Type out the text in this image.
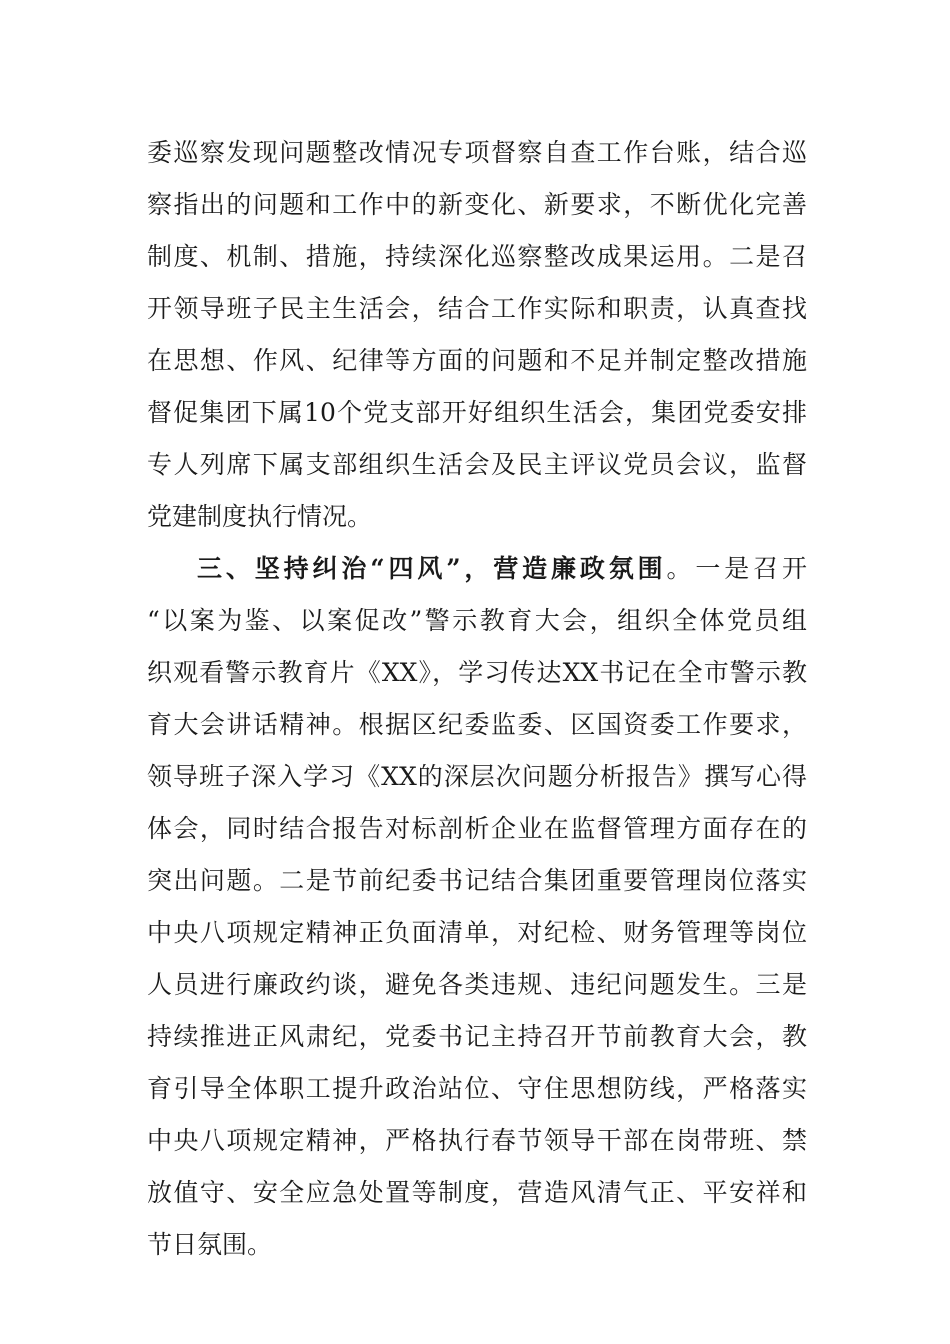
委巡察发现问题整改情况专项督察自查工作台账，结合巡
察指出的问题和工作中的新变化、新要求，不断优化完善
制度、机制、措施，持续深化巡察整改成果运用。二是召
开领导班子民主生活会，结合工作实际和职责，认真查找
在思想、作风、纪律等方面的问题和不足并制定整改措施
督促集团下属10个党支部开好组织生活会，集团党委安排
专人列席下属支部组织生活会及民主评议党员会议，监督
党建制度执行情况。
三、坚持纠治“四风”，营造廉政氛围。一是召开
“以案为鉴、以案促改”警示教育大会，组织全体党员组
织观看警示教育片《XX》，学习传达XX书记在全市警示教
育大会讲话精神。根据区纪委监委、区国资委工作要求，
领导班子深入学习《XX的深层次问题分析报告》撰写心得
体会，同时结合报告对标剖析企业在监督管理方面存在的
突出问题。二是节前纪委书记结合集团重要管理岗位落实
中央八项规定精神正负面清单，对纪检、财务管理等岗位
人员进行廉政约谈，避免各类违规、违纪问题发生。三是
持续推进正风肃纪，党委书记主持召开节前教育大会，教
育引导全体职工提升政治站位、守住思想防线，严格落实
中央八项规定精神，严格执行春节领导干部在岗带班、禁
放值守、安全应急处置等制度，营造风清气正、平安祥和
节日氛围。
